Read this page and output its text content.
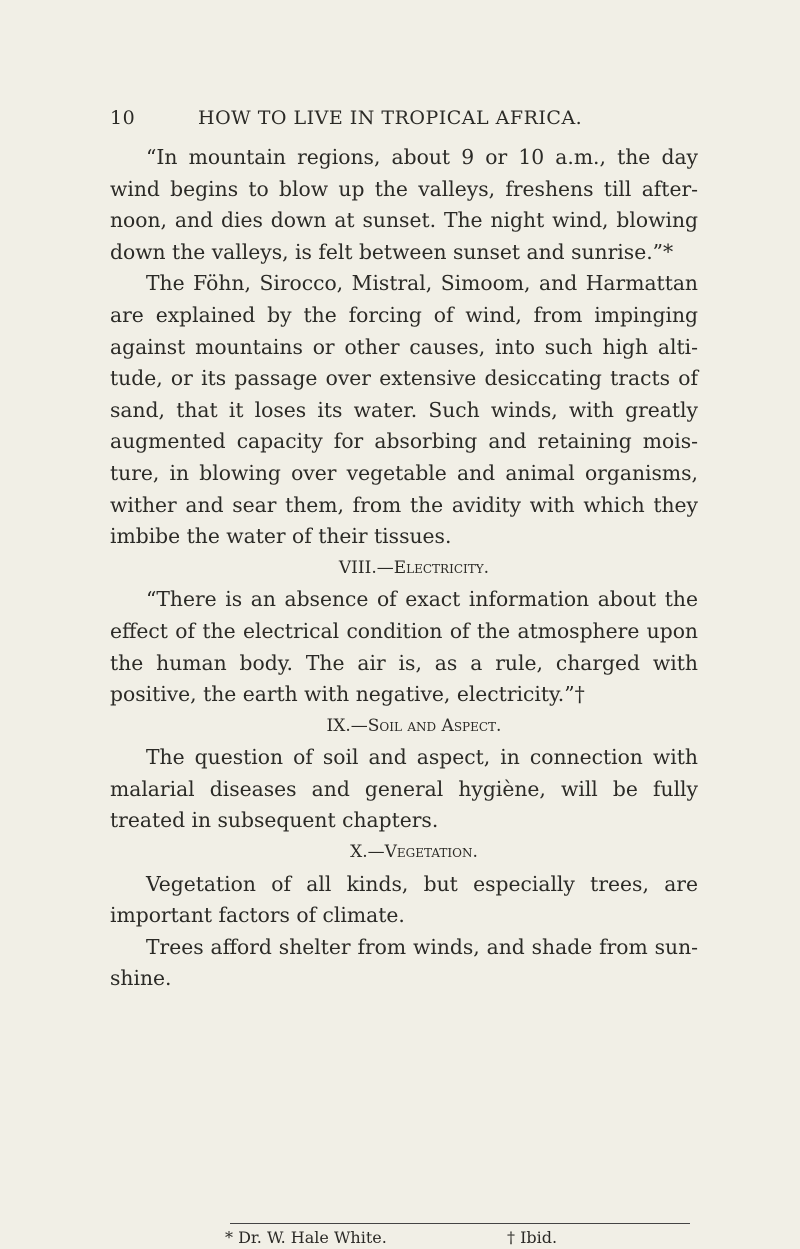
10	HOW TO LIVE IN TROPICAL AFRICA.

“In mountain regions, about 9 or 10 a.m., the day wind begins to blow up the valleys, freshens till after-noon, and dies down at sunset. The night wind, blowing down the valleys, is felt between sunset and sunrise.”*

The Föhn, Sirocco, Mistral, Simoom, and Harmattan are explained by the forcing of wind, from impinging against mountains or other causes, into such high alti-tude, or its passage over extensive desiccating tracts of sand, that it loses its water. Such winds, with greatly augmented capacity for absorbing and retaining mois-ture, in blowing over vegetable and animal organisms, wither and sear them, from the avidity with which they imbibe the water of their tissues.

VIII.—Electricity.

“There is an absence of exact information about the effect of the electrical condition of the atmosphere upon the human body. The air is, as a rule, charged with positive, the earth with negative, electricity.”†

IX.—Soil and Aspect.

The question of soil and aspect, in connection with malarial diseases and general hygiène, will be fully treated in subsequent chapters.

X.—Vegetation.

Vegetation of all kinds, but especially trees, are important factors of climate.

Trees afford shelter from winds, and shade from sun-shine.

* Dr. W. Hale White.	† Ibid.
